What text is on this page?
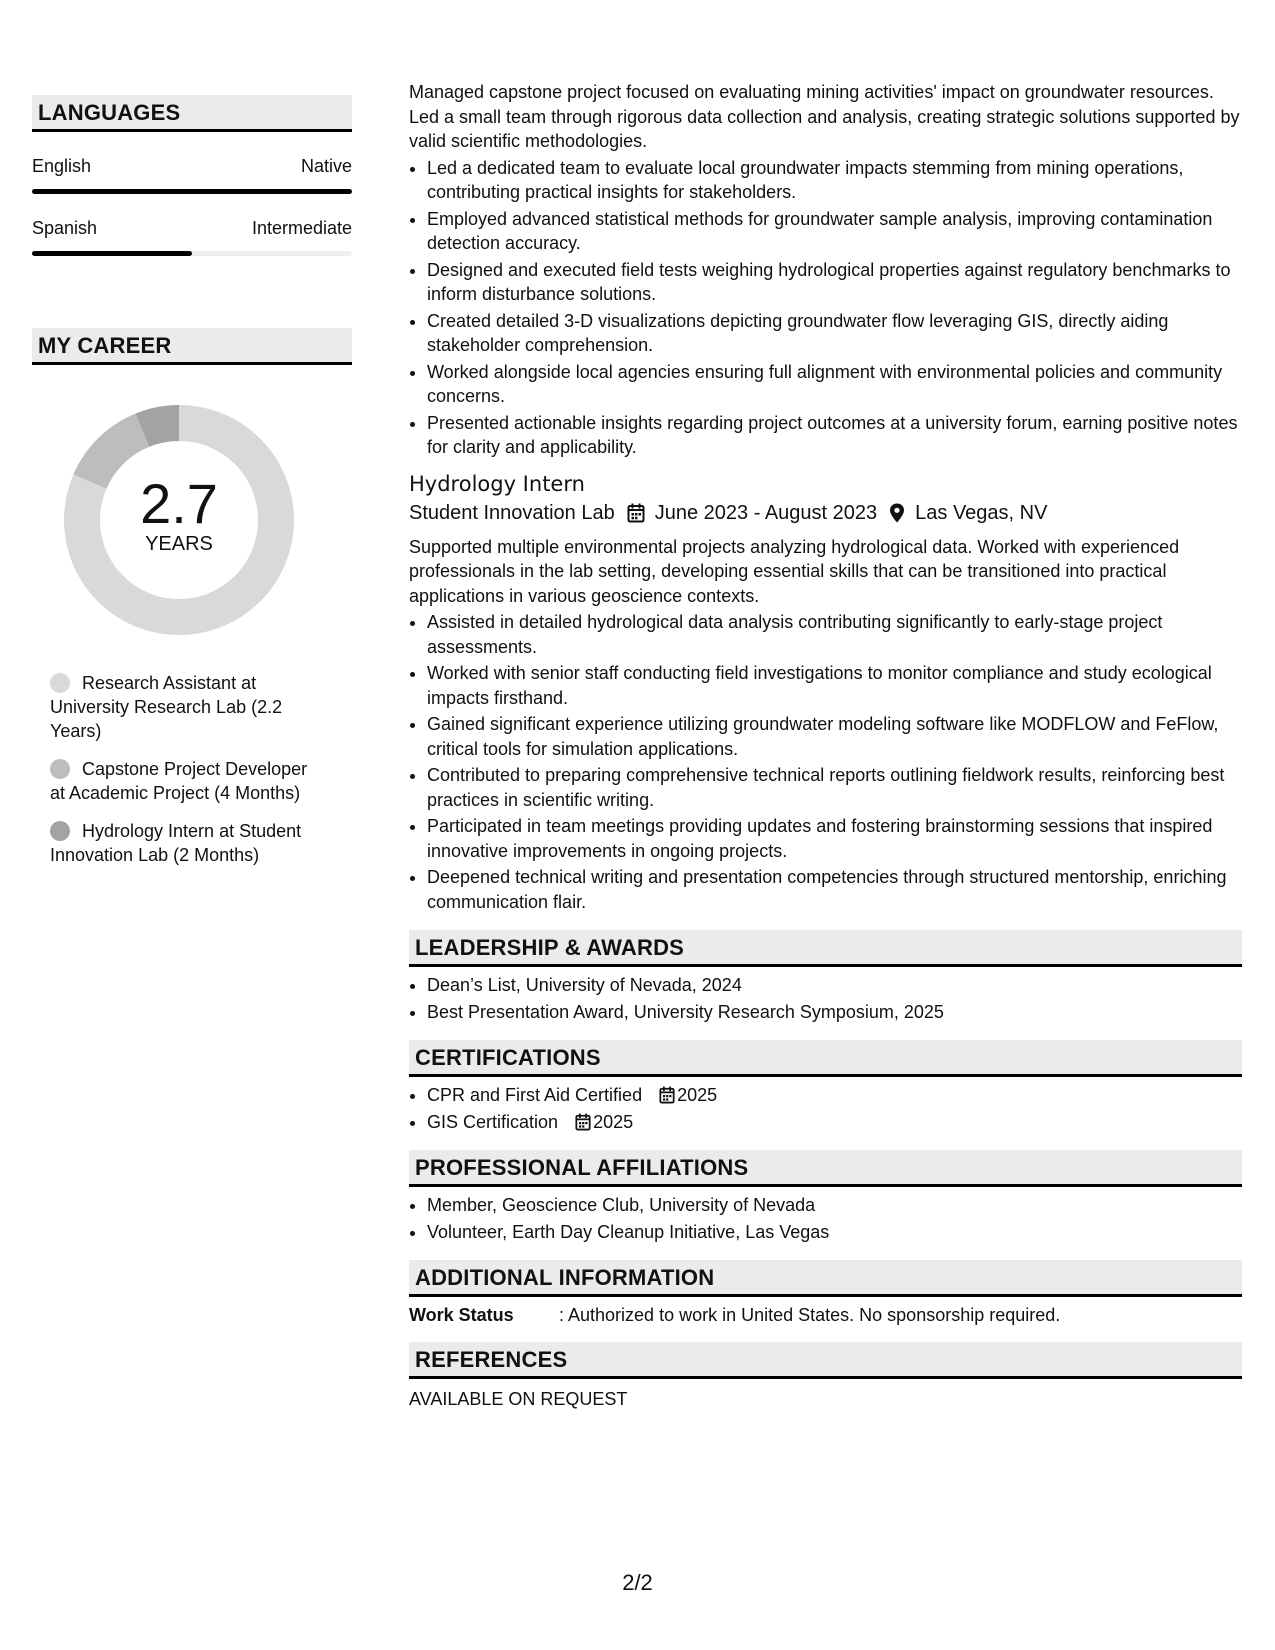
LANGUAGES
English	Native
Spanish	Intermediate
MY CAREER
2.7
YEARS
Research Assistant at University Research Lab (2.2 Years)
Capstone Project Developer at Academic Project (4 Months)
Hydrology Intern at Student Innovation Lab (2 Months)

Managed capstone project focused on evaluating mining activities' impact on groundwater resources. Led a small team through rigorous data collection and analysis, creating strategic solutions supported by valid scientific methodologies.

• Led a dedicated team to evaluate local groundwater impacts stemming from mining operations, contributing practical insights for stakeholders.
• Employed advanced statistical methods for groundwater sample analysis, improving contamination detection accuracy.
• Designed and executed field tests weighing hydrological properties against regulatory benchmarks to inform disturbance solutions.
• Created detailed 3-D visualizations depicting groundwater flow leveraging GIS, directly aiding stakeholder comprehension.
• Worked alongside local agencies ensuring full alignment with environmental policies and community concerns.
• Presented actionable insights regarding project outcomes at a university forum, earning positive notes for clarity and applicability.
Hydrology Intern
Student Innovation Lab June 2023 - August 2023 Las Vegas, NV

Supported multiple environmental projects analyzing hydrological data. Worked with experienced professionals in the lab setting, developing essential skills that can be transitioned into practical applications in various geoscience contexts.

• Assisted in detailed hydrological data analysis contributing significantly to early-stage project assessments.
• Worked with senior staff conducting field investigations to monitor compliance and study ecological impacts firsthand.
• Gained significant experience utilizing groundwater modeling software like MODFLOW and FeFlow, critical tools for simulation applications.
• Contributed to preparing comprehensive technical reports outlining fieldwork results, reinforcing best practices in scientific writing.
• Participated in team meetings providing updates and fostering brainstorming sessions that inspired innovative improvements in ongoing projects.
• Deepened technical writing and presentation competencies through structured mentorship, enriching communication flair.
LEADERSHIP & AWARDS
• Dean’s List, University of Nevada, 2024
• Best Presentation Award, University Research Symposium, 2025
CERTIFICATIONS
• CPR and First Aid Certified 2025
• GIS Certification 2025
PROFESSIONAL AFFILIATIONS
• Member, Geoscience Club, University of Nevada
• Volunteer, Earth Day Cleanup Initiative, Las Vegas
ADDITIONAL INFORMATION
Work Status	: Authorized to work in United States. No sponsorship required.
REFERENCES
AVAILABLE ON REQUEST
2/2
